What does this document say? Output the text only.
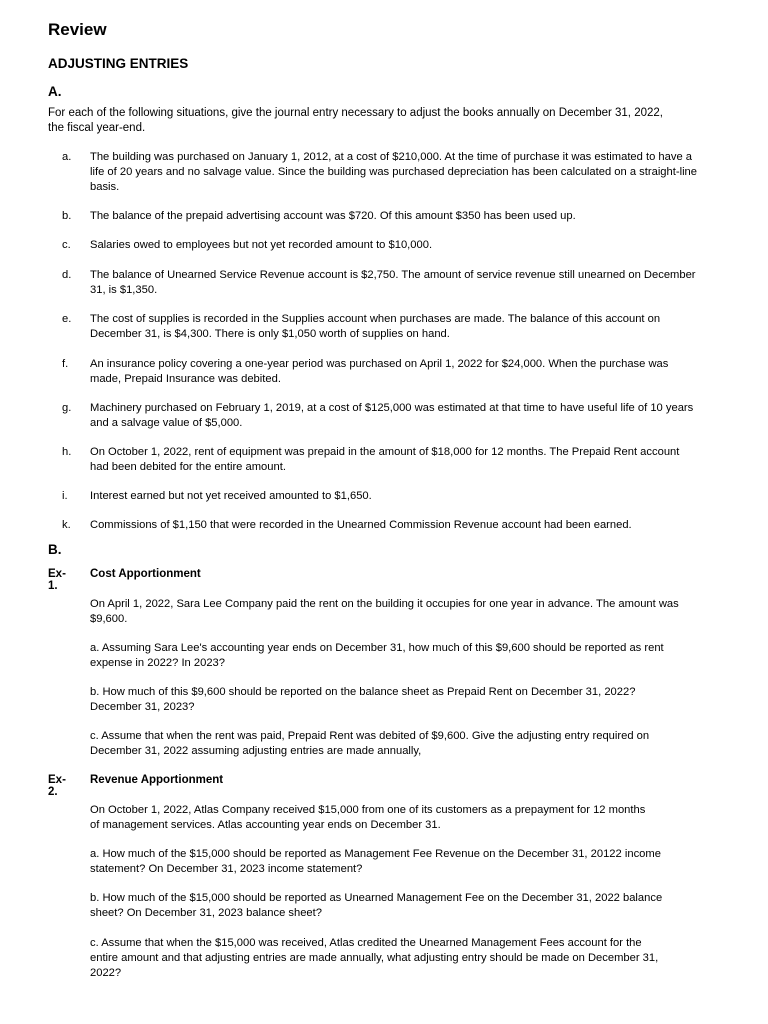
Review
ADJUSTING ENTRIES
A.
For each of the following situations, give the journal entry necessary to adjust the books annually on December 31, 2022, the fiscal year-end.
a. The building was purchased on January 1, 2012, at a cost of $210,000. At the time of purchase it was estimated to have a life of 20 years and no salvage value. Since the building was purchased depreciation has been calculated on a straight-line basis.
b. The balance of the prepaid advertising account was $720. Of this amount $350 has been used up.
c. Salaries owed to employees but not yet recorded amount to $10,000.
d. The balance of Unearned Service Revenue account is $2,750. The amount of service revenue still unearned on December 31, is $1,350.
e. The cost of supplies is recorded in the Supplies account when purchases are made. The balance of this account on December 31, is $4,300. There is only $1,050 worth of supplies on hand.
f. An insurance policy covering a one-year period was purchased on April 1, 2022 for $24,000. When the purchase was made, Prepaid Insurance was debited.
g. Machinery purchased on February 1, 2019, at a cost of $125,000 was estimated at that time to have useful life of 10 years and a salvage value of $5,000.
h. On October 1, 2022, rent of equipment was prepaid in the amount of $18,000 for 12 months. The Prepaid Rent account had been debited for the entire amount.
i. Interest earned but not yet received amounted to $1,650.
k. Commissions of $1,150 that were recorded in the Unearned Commission Revenue account had been earned.
B.
Ex-1.
Cost Apportionment
On April 1, 2022, Sara Lee Company paid the rent on the building it occupies for one year in advance. The amount was $9,600.
a. Assuming Sara Lee's accounting year ends on December 31, how much of this $9,600 should be reported as rent expense in 2022? In 2023?
b. How much of this $9,600 should be reported on the balance sheet as Prepaid Rent on December 31, 2022? December 31, 2023?
c. Assume that when the rent was paid, Prepaid Rent was debited of $9,600. Give the adjusting entry required on December 31, 2022 assuming adjusting entries are made annually,
Ex-2.
Revenue Apportionment
On October 1, 2022, Atlas Company received $15,000 from one of its customers as a prepayment for 12 months of management services. Atlas accounting year ends on December 31.
a. How much of the $15,000 should be reported as Management Fee Revenue on the December 31, 20122 income statement? On December 31, 2023 income statement?
b. How much of the $15,000 should be reported as Unearned Management Fee on the December 31, 2022 balance sheet? On December 31, 2023 balance sheet?
c. Assume that when the $15,000 was received, Atlas credited the Unearned Management Fees account for the entire amount and that adjusting entries are made annually, what adjusting entry should be made on December 31, 2022?
